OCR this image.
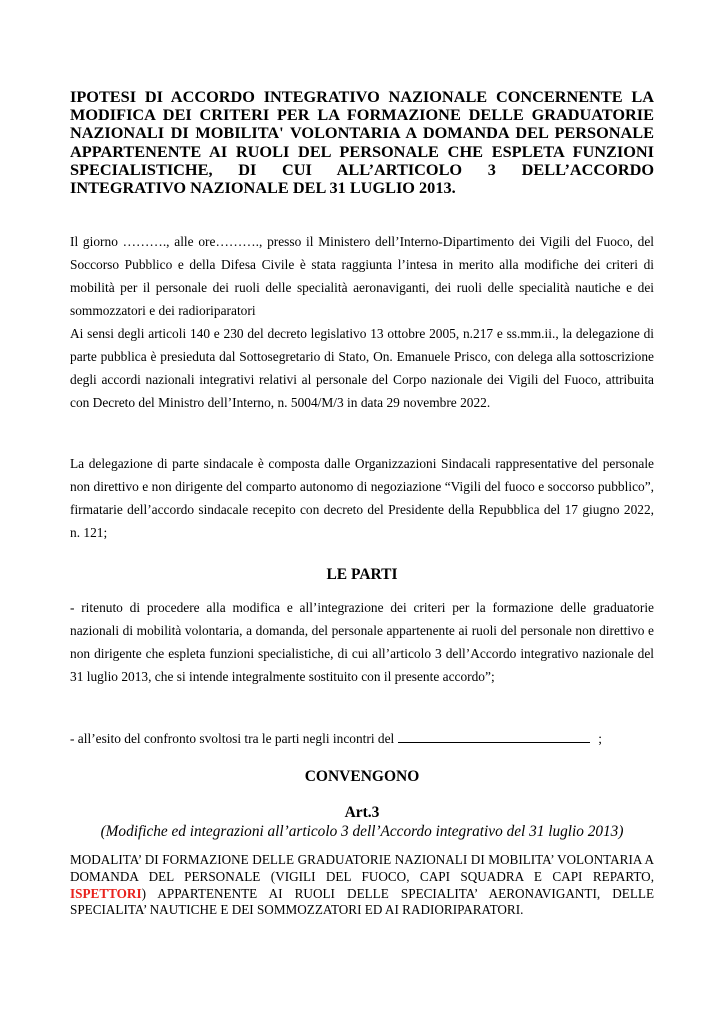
IPOTESI DI ACCORDO INTEGRATIVO NAZIONALE CONCERNENTE LA MODIFICA DEI CRITERI PER LA FORMAZIONE DELLE GRADUATORIE NAZIONALI DI MOBILITA' VOLONTARIA A DOMANDA DEL PERSONALE APPARTENENTE AI RUOLI DEL PERSONALE CHE ESPLETA FUNZIONI SPECIALISTICHE, DI CUI ALL’ARTICOLO 3 DELL’ACCORDO INTEGRATIVO NAZIONALE DEL 31 LUGLIO 2013.
Il giorno ………., alle ore………., presso il Ministero dell’Interno-Dipartimento dei Vigili del Fuoco, del Soccorso Pubblico e della Difesa Civile è stata raggiunta l’intesa in merito alla modifiche dei criteri di mobilità per il personale dei ruoli delle specialità aeronaviganti, dei ruoli delle specialità nautiche e dei sommozzatori e dei radioriparatori
Ai sensi degli articoli 140 e 230 del decreto legislativo 13 ottobre 2005, n.217 e ss.mm.ii., la delegazione di parte pubblica è presieduta dal Sottosegretario di Stato, On. Emanuele Prisco, con delega alla sottoscrizione degli accordi nazionali integrativi relativi al personale del Corpo nazionale dei Vigili del Fuoco, attribuita con Decreto del Ministro dell’Interno, n. 5004/M/3 in data 29 novembre 2022.
La delegazione di parte sindacale è composta dalle Organizzazioni Sindacali rappresentative del personale non direttivo e non dirigente del comparto autonomo di negoziazione “Vigili del fuoco e soccorso pubblico”, firmatarie dell’accordo sindacale recepito con decreto del Presidente della Repubblica del 17 giugno 2022, n. 121;
LE PARTI
- ritenuto di procedere alla modifica e all’integrazione dei criteri per la formazione delle graduatorie nazionali di mobilità volontaria, a domanda, del personale appartenente ai ruoli del personale non direttivo e non dirigente che espleta funzioni specialistiche, di cui all’articolo 3 dell’Accordo integrativo nazionale del 31 luglio 2013, che si intende integralmente sostituito con il presente accordo”;
- all’esito del confronto svoltosi tra le parti negli incontri del	;
CONVENGONO
Art.3
(Modifiche ed integrazioni all’articolo 3 dell’Accordo integrativo del 31 luglio 2013)
MODALITA’ DI FORMAZIONE DELLE GRADUATORIE NAZIONALI DI MOBILITA’ VOLONTARIA A DOMANDA DEL PERSONALE (VIGILI DEL FUOCO, CAPI SQUADRA E CAPI REPARTO, ISPETTORI) APPARTENENTE AI RUOLI DELLE SPECIALITA’ AERONAVIGANTI, DELLE SPECIALITA’ NAUTICHE E DEI SOMMOZZATORI ED AI RADIORIPARATORI.
